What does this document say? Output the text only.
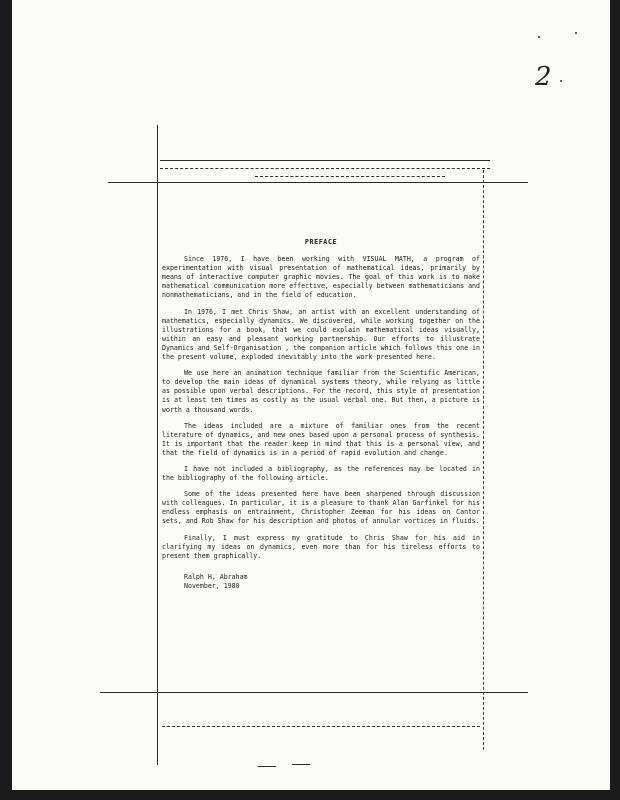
2
PREFACE

Since 1976, I have been working with VISUAL MATH, a program of experimentation with visual presentation of mathematical ideas, primarily by means of interactive computer graphic movies. The goal of this work is to make mathematical communication more effective, especially between mathematicians and nonmathematicians, and in the field of education.

In 1976, I met Chris Shaw, an artist with an excellent understanding of mathematics, especially dynamics. We discovered, while working together on the illustrations for a book, that we could explain mathematical ideas visually, within an easy and pleasant working partnership. Our efforts to illustrate Dynamics and Self-Organisation , the companion article which follows this one in the present volume, exploded inevitably into the work presented here.

We use here an animation technique familiar from the Scientific American, to develop the main ideas of dynamical systems theory, while relying as little as possible upon verbal descriptions. For the record, this style of presentation is at least ten times as costly as the usual verbal one. But then, a picture is worth a thousand words.

The ideas included are a mixture of familiar ones from the recent literature of dynamics, and new ones based upon a personal process of synthesis. It is important that the reader keep in mind that this is a personal view, and that the field of dynamics is in a period of rapid evolution and change.

I have not included a bibliography, as the references may be located in the bibliography of the following article.

Some of the ideas presented here have been sharpened through discussion with colleagues. In particular, it is a pleasure to thank Alan Garfinkel for his endless emphasis on entrainment, Christopher Zeeman for his ideas on Cantor sets, and Rob Shaw for his description and photos of annular vortices in fluids.

Finally, I must express my gratitude to Chris Shaw for his aid in clarifying my ideas on dynamics, even more than for his tireless efforts to present them graphically.

Ralph H. Abraham
November, 1980
